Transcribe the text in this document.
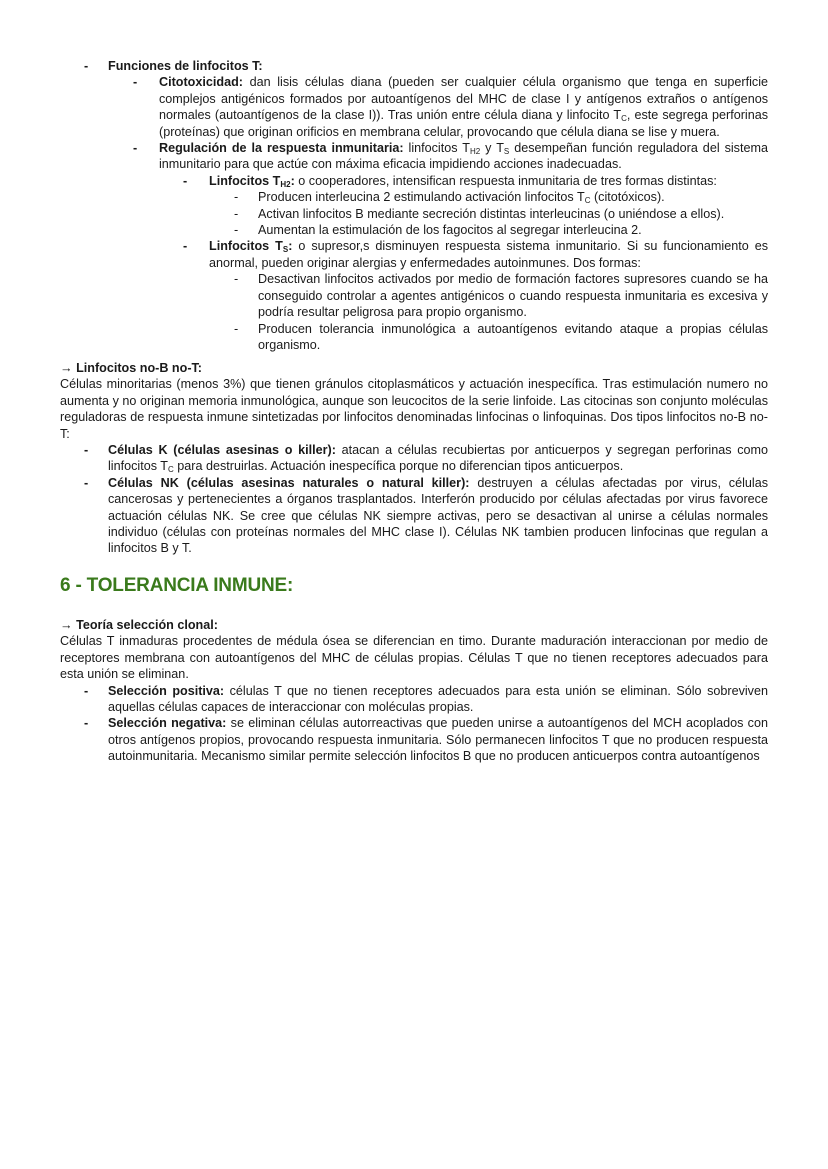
- Funciones de linfocitos T:
- Citotoxicidad: dan lisis células diana (pueden ser cualquier célula organismo que tenga en superficie complejos antigénicos formados por autoantígenos del MHC de clase I y antígenos extraños o antígenos normales (autoantígenos de la clase I)). Tras unión entre célula diana y linfocito $T_C$, este segrega perforinas (proteínas) que originan orificios en membrana celular, provocando que célula diana se lise y muera.
- Regulación de la respuesta inmunitaria: linfocitos $T_{H2}$ y $T_S$ desempeñan función reguladora del sistema inmunitario para que actúe con máxima eficacia impidiendo acciones inadecuadas.
- Linfocitos $T_{H2}$: o cooperadores, intensifican respuesta inmunitaria de tres formas distintas:
- Producen interleucina 2 estimulando activación linfocitos $T_C$ (citotóxicos).
- Activan linfocitos B mediante secreción distintas interleucinas (o uniéndose a ellos).
- Aumentan la estimulación de los fagocitos al segregar interleucina 2.
- Linfocitos $T_S$: o supresor,s disminuyen respuesta sistema inmunitario. Si su funcionamiento es anormal, pueden originar alergias y enfermedades autoinmunes. Dos formas:
- Desactivan linfocitos activados por medio de formación factores supresores cuando se ha conseguido controlar a agentes antigénicos o cuando respuesta inmunitaria es excesiva y podría resultar peligrosa para propio organismo.
- Producen tolerancia inmunológica a autoantígenos evitando ataque a propias células organismo.
→ Linfocitos no-B no-T:
Células minoritarias (menos 3%) que tienen gránulos citoplasmáticos y actuación inespecífica. Tras estimulación numero no aumenta y no originan memoria inmunológica, aunque son leucocitos de la serie linfoide. Las citocinas son conjunto moléculas reguladoras de respuesta inmune sintetizadas por linfocitos denominadas linfocinas o linfoquinas. Dos tipos linfocitos no-B no-T:
- Células K (células asesinas o killer): atacan a células recubiertas por anticuerpos y segregan perforinas como linfocitos $T_C$ para destruirlas. Actuación inespecífica porque no diferencian tipos anticuerpos.
- Células NK (células asesinas naturales o natural killer): destruyen a células afectadas por virus, células cancerosas y pertenecientes a órganos trasplantados. Interferón producido por células afectadas por virus favorece actuación células NK. Se cree que células NK siempre activas, pero se desactivan al unirse a células normales individuo (células con proteínas normales del MHC clase I). Células NK tambien producen linfocinas que regulan a linfocitos B y T.
6 - TOLERANCIA INMUNE:
→ Teoría selección clonal:
Células T inmaduras procedentes de médula ósea se diferencian en timo. Durante maduración interaccionan por medio de receptores membrana con autoantígenos del MHC de células propias. Células T que no tienen receptores adecuados para esta unión se eliminan.
- Selección positiva: células T que no tienen receptores adecuados para esta unión se eliminan. Sólo sobreviven aquellas células capaces de interaccionar con moléculas propias.
- Selección negativa: se eliminan células autorreactivas que pueden unirse a autoantígenos del MCH acoplados con otros antígenos propios, provocando respuesta inmunitaria. Sólo permanecen linfocitos T que no producen respuesta autoinmunitaria. Mecanismo similar permite selección linfocitos B que no producen anticuerpos contra autoantígenos
